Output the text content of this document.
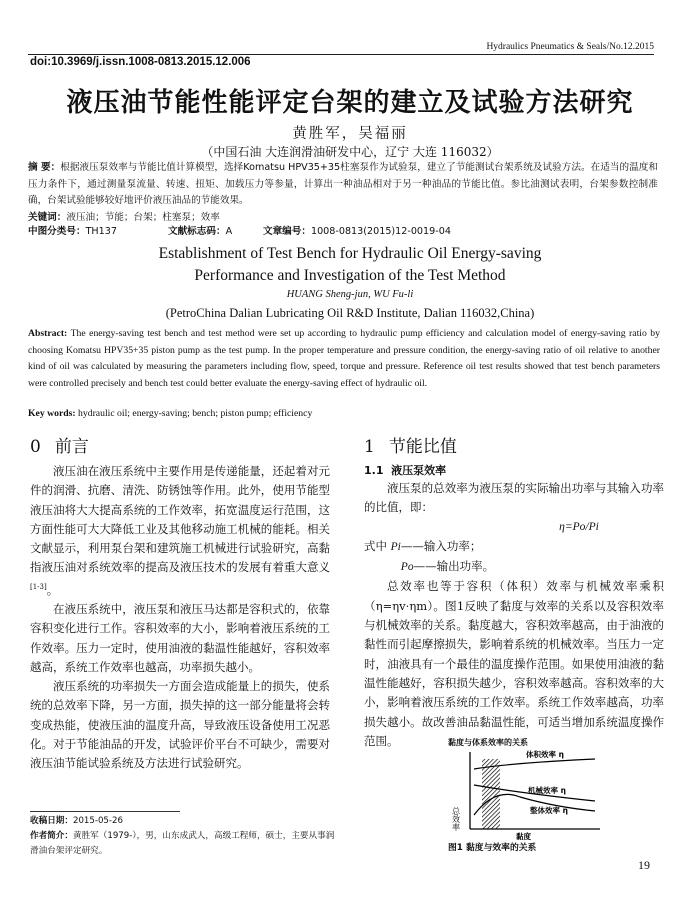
Hydraulics Pneumatics & Seals/No.12.2015
doi:10.3969/j.issn.1008-0813.2015.12.006
液压油节能性能评定台架的建立及试验方法研究
黄胜军，吴福丽
（中国石油 大连润滑油研发中心，辽宁 大连 116032）
摘 要：根据液压泵效率与节能比值计算模型，选择Komatsu HPV35+35柱塞泵作为试验泵，建立了节能测试台架系统及试验方法。在适当的温度和压力条件下，通过测量泵流量、转速、扭矩、加载压力等参量，计算出一种油品相对于另一种油品的节能比值。参比油测试表明，台架参数控制准确，台架试验能够较好地评价液压油品的节能效果。
关键词：液压油；节能；台架；柱塞泵；效率
中图分类号：TH137	文献标志码：A	文章编号：1008-0813(2015)12-0019-04
Establishment of Test Bench for Hydraulic Oil Energy-saving
Performance and Investigation of the Test Method
HUANG Sheng-jun, WU Fu-li
(PetroChina Dalian Lubricating Oil R&D Institute, Dalian 116032,China)
Abstract: The energy-saving test bench and test method were set up according to hydraulic pump efficiency and calculation model of energy-saving ratio by choosing Komatsu HPV35+35 piston pump as the test pump. In the proper temperature and pressure condition, the energy-saving ratio of oil relative to another kind of oil was calculated by measuring the parameters including flow, speed, torque and pressure. Reference oil test results showed that test bench parameters were controlled precisely and bench test could better evaluate the energy-saving effect of hydraulic oil.
Key words: hydraulic oil; energy-saving; bench; piston pump; efficiency
0 前言

液压油在液压系统中主要作用是传递能量，还起着对元件的润滑、抗磨、清洗、防锈蚀等作用。此外，使用节能型液压油将大大提高系统的工作效率，拓宽温度运行范围，这方面性能可大大降低工业及其他移动施工机械的能耗。相关文献显示，利用泵台架和建筑施工机械进行试验研究，高黏指液压油对系统效率的提高及液压技术的发展有着重大意义[1-3]。

在液压系统中，液压泵和液压马达都是容积式的，依靠容积变化进行工作。容积效率的大小，影响着液压系统的工作效率。压力一定时，使用油液的黏温性能越好，容积效率越高，系统工作效率也越高，功率损失越小。

液压系统的功率损失一方面会造成能量上的损失，使系统的总效率下降，另一方面，损失掉的这一部分能量将会转变成热能，使液压油的温度升高，导致液压设备使用工况恶化。对于节能油品的开发，试验评价平台不可缺少，需要对液压油节能试验系统及方法进行试验研究。

收稿日期：2015-05-26
作者简介：黄胜军（1979-），男，山东成武人，高级工程师，硕士，主要从事润滑油台架评定研究。
1 节能比值
1.1 液压泵效率

液压泵的总效率为液压泵的实际输出功率与其输入功率的比值，即：

η=Po/Pi
式中 Pi——输入功率；
Po——输出功率。

总效率也等于容积（体积）效率与机械效率乘积（η=ηv·ηm）。图1反映了黏度与效率的关系以及容积效率与机械效率的关系。黏度越大，容积效率越高，由于油液的黏性而引起摩擦损失，影响着系统的机械效率。当压力一定时，油液具有一个最佳的温度操作范围。如果使用油液的黏温性能越好，容积损失越少，容积效率越高。容积效率的大小，影响着液压系统的工作效率。系统工作效率越高，功率损失越小。故改善油品黏温性能，可适当增加系统温度操作范围。	黏度与体系效率的关系
总效率
体积效率 η
机械效率 η
整体效率 η
黏度
图1 黏度与效率的关系
19
